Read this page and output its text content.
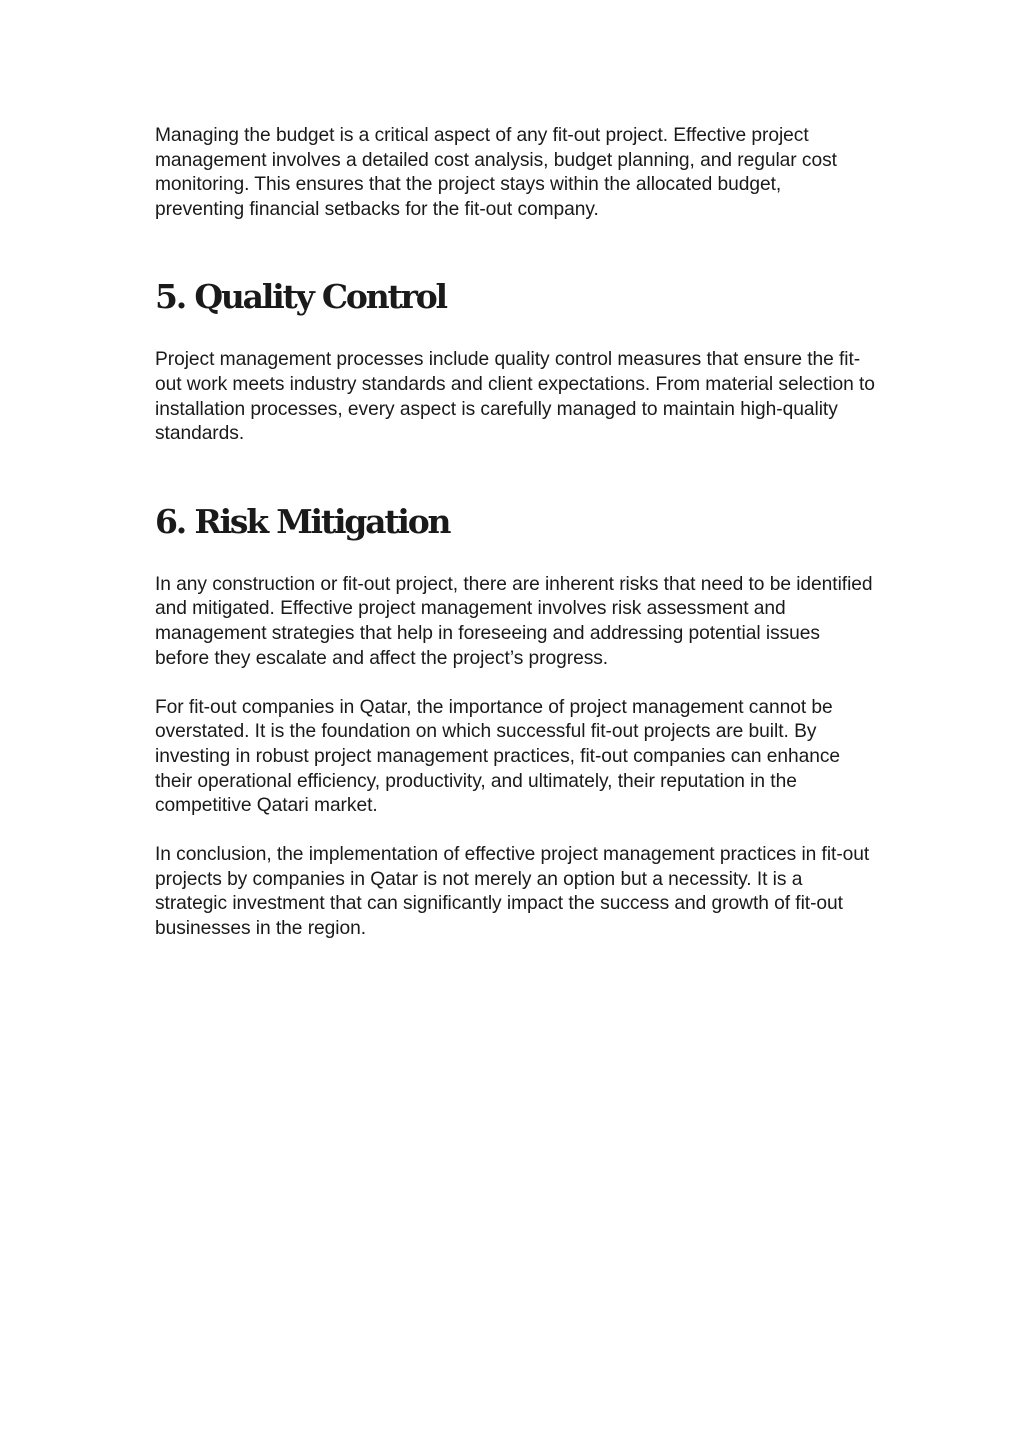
Managing the budget is a critical aspect of any fit-out project. Effective project management involves a detailed cost analysis, budget planning, and regular cost monitoring. This ensures that the project stays within the allocated budget, preventing financial setbacks for the fit-out company.

5. Quality Control

Project management processes include quality control measures that ensure the fit-out work meets industry standards and client expectations. From material selection to installation processes, every aspect is carefully managed to maintain high-quality standards.

6. Risk Mitigation

In any construction or fit-out project, there are inherent risks that need to be identified and mitigated. Effective project management involves risk assessment and management strategies that help in foreseeing and addressing potential issues before they escalate and affect the project’s progress.

For fit-out companies in Qatar, the importance of project management cannot be overstated. It is the foundation on which successful fit-out projects are built. By investing in robust project management practices, fit-out companies can enhance their operational efficiency, productivity, and ultimately, their reputation in the competitive Qatari market.

In conclusion, the implementation of effective project management practices in fit-out projects by companies in Qatar is not merely an option but a necessity. It is a strategic investment that can significantly impact the success and growth of fit-out businesses in the region.
